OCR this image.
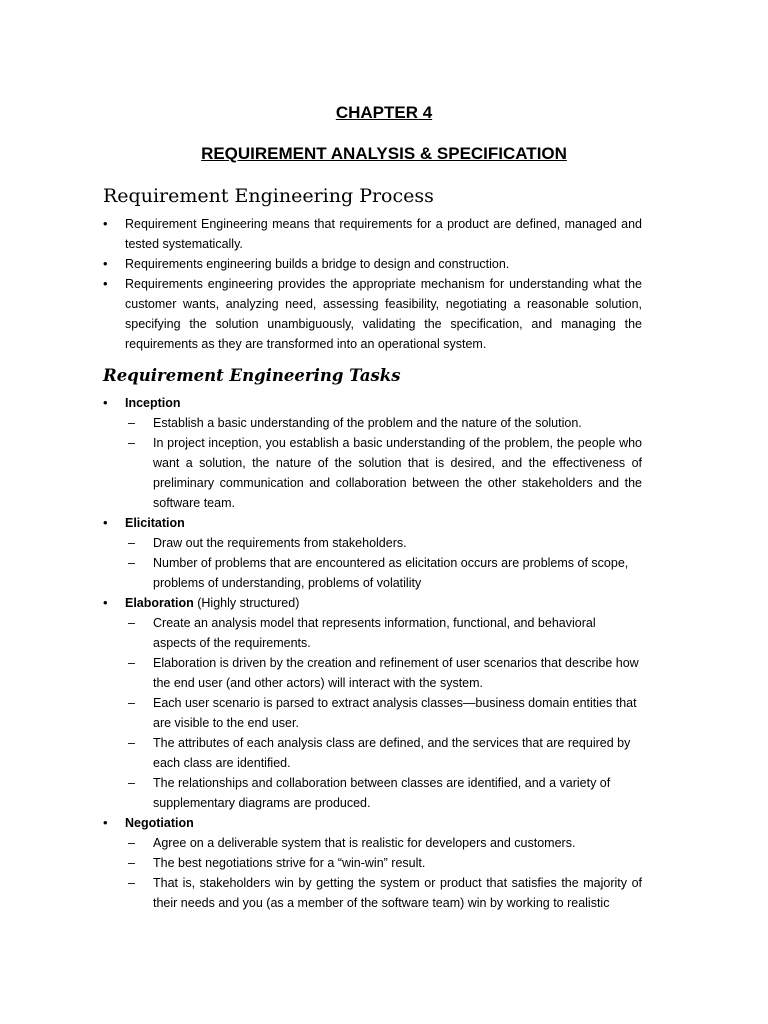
CHAPTER 4
REQUIREMENT ANALYSIS & SPECIFICATION
Requirement Engineering Process
• Requirement Engineering means that requirements for a product are defined, managed and tested systematically.
• Requirements engineering builds a bridge to design and construction.
• Requirements engineering provides the appropriate mechanism for understanding what the customer wants, analyzing need, assessing feasibility, negotiating a reasonable solution, specifying the solution unambiguously, validating the specification, and managing the requirements as they are transformed into an operational system.
Requirement Engineering Tasks
• Inception
– Establish a basic understanding of the problem and the nature of the solution.
– In project inception, you establish a basic understanding of the problem, the people who want a solution, the nature of the solution that is desired, and the effectiveness of preliminary communication and collaboration between the other stakeholders and the software team.
• Elicitation
– Draw out the requirements from stakeholders.
– Number of problems that are encountered as elicitation occurs are problems of scope, problems of understanding, problems of volatility
• Elaboration (Highly structured)
– Create an analysis model that represents information, functional, and behavioral aspects of the requirements.
– Elaboration is driven by the creation and refinement of user scenarios that describe how the end user (and other actors) will interact with the system.
– Each user scenario is parsed to extract analysis classes—business domain entities that are visible to the end user.
– The attributes of each analysis class are defined, and the services that are required by each class are identified.
– The relationships and collaboration between classes are identified, and a variety of supplementary diagrams are produced.
• Negotiation
– Agree on a deliverable system that is realistic for developers and customers.
– The best negotiations strive for a “win-win” result.
– That is, stakeholders win by getting the system or product that satisfies the majority of their needs and you (as a member of the software team) win by working to realistic
